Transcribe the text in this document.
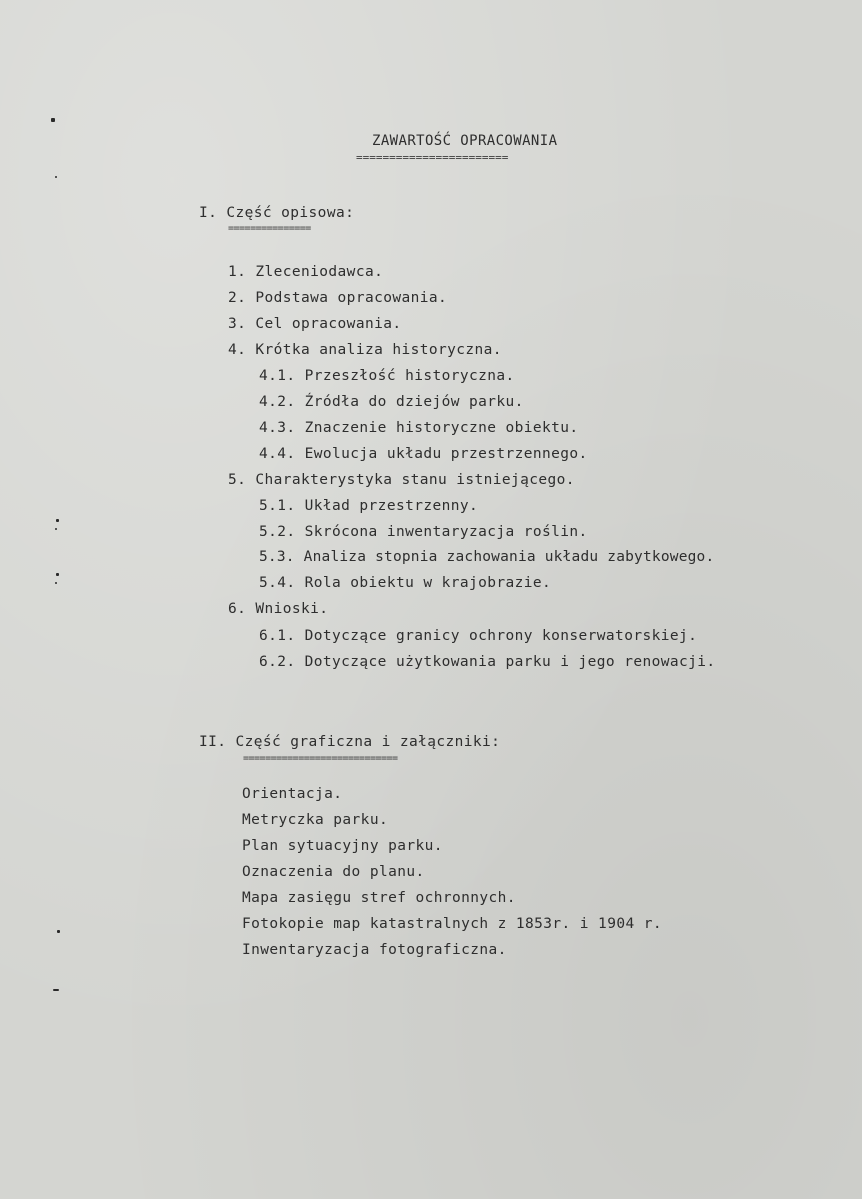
ZAWARTOŚĆ OPRACOWANIA
=======================
I. Część opisowa:
===============
1. Zleceniodawca.
2. Podstawa opracowania.
3. Cel opracowania.
4. Krótka analiza historyczna.
4.1. Przeszłość historyczna.
4.2. Źródła do dziejów parku.
4.3. Znaczenie historyczne obiektu.
4.4. Ewolucja układu przestrzennego.
5. Charakterystyka stanu istniejącego.
5.1. Układ przestrzenny.
5.2. Skrócona inwentaryzacja roślin.
5.3. Analiza stopnia zachowania układu zabytkowego.
5.4. Rola obiektu w krajobrazie.
6. Wnioski.
6.1. Dotyczące granicy ochrony konserwatorskiej.
6.2. Dotyczące użytkowania parku i jego renowacji.
II. Część graficzna i załączniki:
============================
Orientacja.
Metryczka parku.
Plan sytuacyjny parku.
Oznaczenia do planu.
Mapa zasięgu stref ochronnych.
Fotokopie map katastralnych z 1853r. i 1904 r.
Inwentaryzacja fotograficzna.
